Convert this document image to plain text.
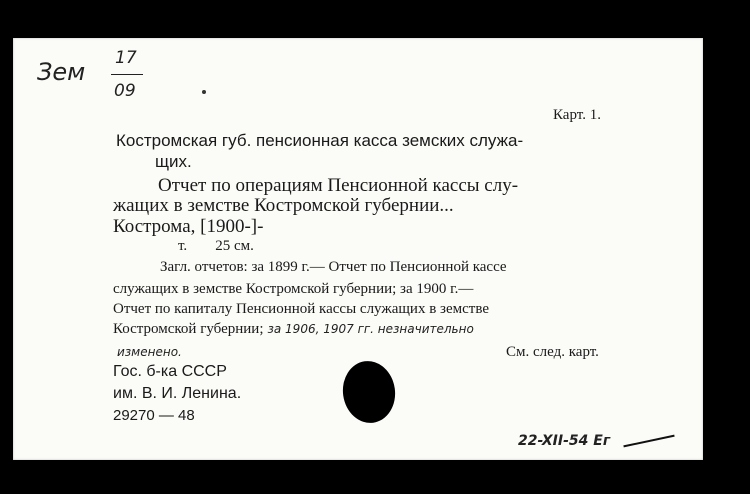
Зем 17
09
Карт. 1.
Костромская губ. пенсионная касса земских служа-
щих.
Отчет по операциям Пенсионной кассы слу-
жащих в земстве Костромской губернии...
Кострома, [1900-]-
т. 25 см.
Загл. отчетов: за 1899 г.— Отчет по Пенсионной кассе
служащих в земстве Костромской губернии; за 1900 г.—
Отчет по капиталу Пенсионной кассы служащих в земстве
Костромской губернии; за 1906, 1907 гг. незначительно
изменено.	См. след. карт.
Гос. б-ка СССР
им. В. И. Ленина.
29270 — 48
22-XII-54 Ег
